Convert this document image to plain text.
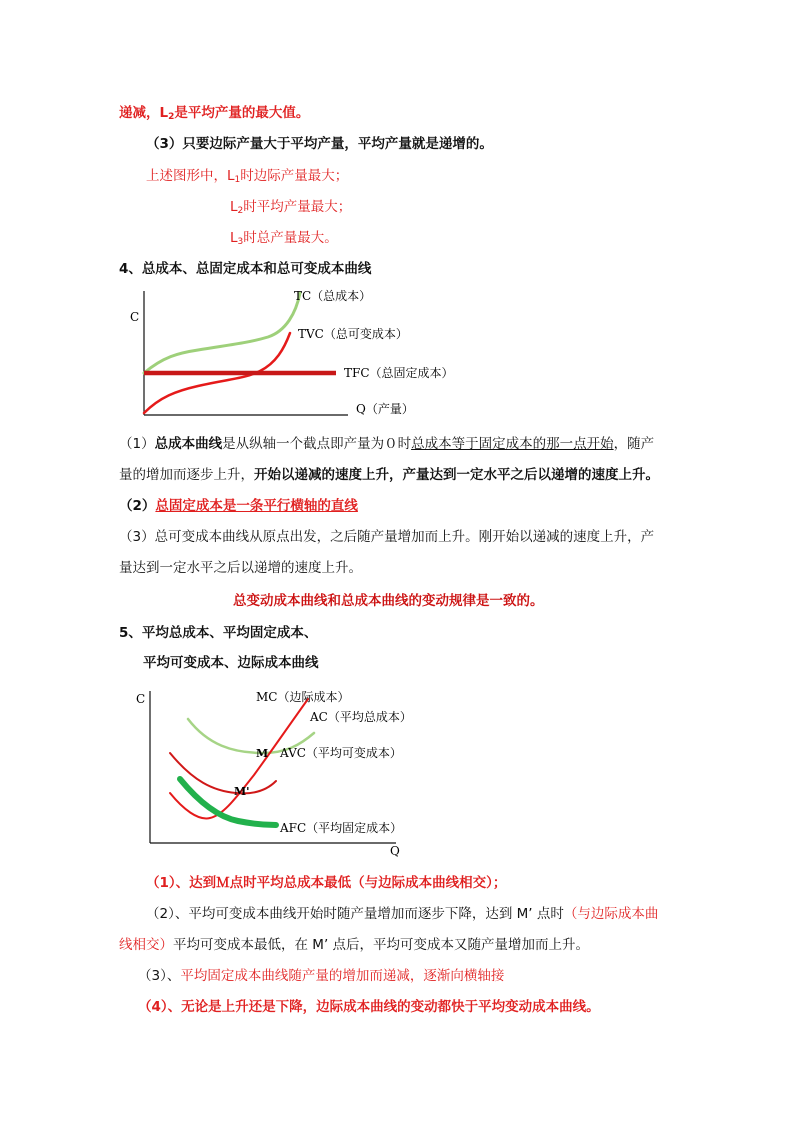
递减，$L_2$是平均产量的最大值。
（3）只要边际产量大于平均产量，平均产量就是递增的。
上述图形中，$L_1$时边际产量最大；
$L_2$时平均产量最大；
$L_3$时总产量最大。
4、总成本、总固定成本和总可变成本曲线
C
TC（总成本）
TVC（总可变成本）
TFC（总固定成本）
Q（产量）
（1）总成本曲线是从纵轴一个截点即产量为０时总成本等于固定成本的那一点开始，随产
量的增加而逐步上升，开始以递减的速度上升，产量达到一定水平之后以递增的速度上升。
（2）总固定成本是一条平行横轴的直线
（3）总可变成本曲线从原点出发，之后随产量增加而上升。刚开始以递减的速度上升，产
量达到一定水平之后以递增的速度上升。
总变动成本曲线和总成本曲线的变动规律是一致的。
5、平均总成本、平均固定成本、
平均可变成本、边际成本曲线
C
Q
M
M'
MC（边际成本）
AC（平均总成本）
AVC（平均可变成本）
AFC（平均固定成本）
（1）、达到Ｍ点时平均总成本最低（与边际成本曲线相交）；
（2）、平均可变成本曲线开始时随产量增加而逐步下降，达到 M’ 点时（与边际成本曲
线相交）平均可变成本最低，在 M’ 点后，平均可变成本又随产量增加而上升。
（3）、平均固定成本曲线随产量的增加而递减，逐渐向横轴接
（4）、无论是上升还是下降，边际成本曲线的变动都快于平均变动成本曲线。
